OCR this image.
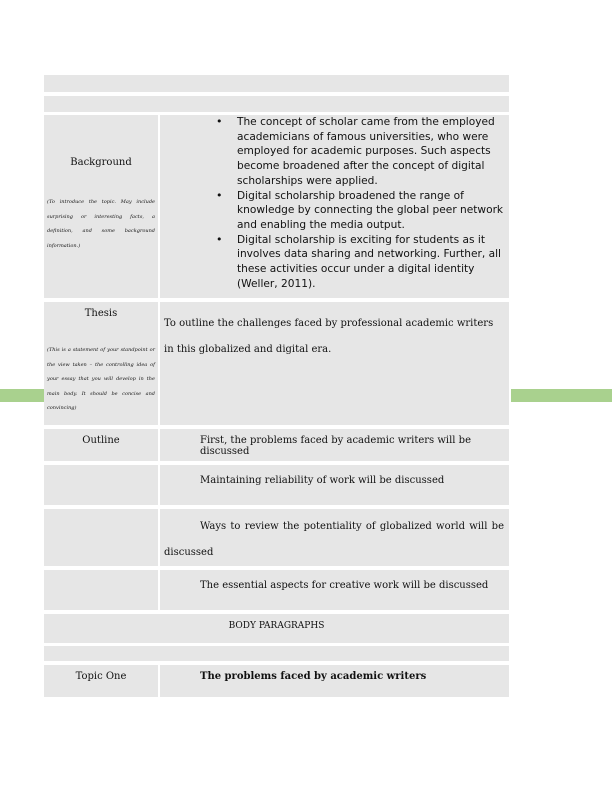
Background
(To introduce the topic. May include surprising or interesting facts, a definition, and some background information.)
• The concept of scholar came from the employed academicians of famous universities, who were employed for academic purposes. Such aspects become broadened after the concept of digital scholarships were applied.
• Digital scholarship broadened the range of knowledge by connecting the global peer network and enabling the media output.
• Digital scholarship is exciting for students as it involves data sharing and networking. Further, all these activities occur under a digital identity (Weller, 2011).
Thesis
(This is a statement of your standpoint or the view taken – the controlling idea of your essay that you will develop in the main body. It should be concise and convincing)
To outline the challenges faced by professional academic writers in this globalized and digital era.
Outline	First, the problems faced by academic writers will be discussed
Maintaining reliability of work will be discussed
Ways to review the potentiality of globalized world will be discussed
The essential aspects for creative work will be discussed
BODY PARAGRAPHS
Topic One	The problems faced by academic writers
